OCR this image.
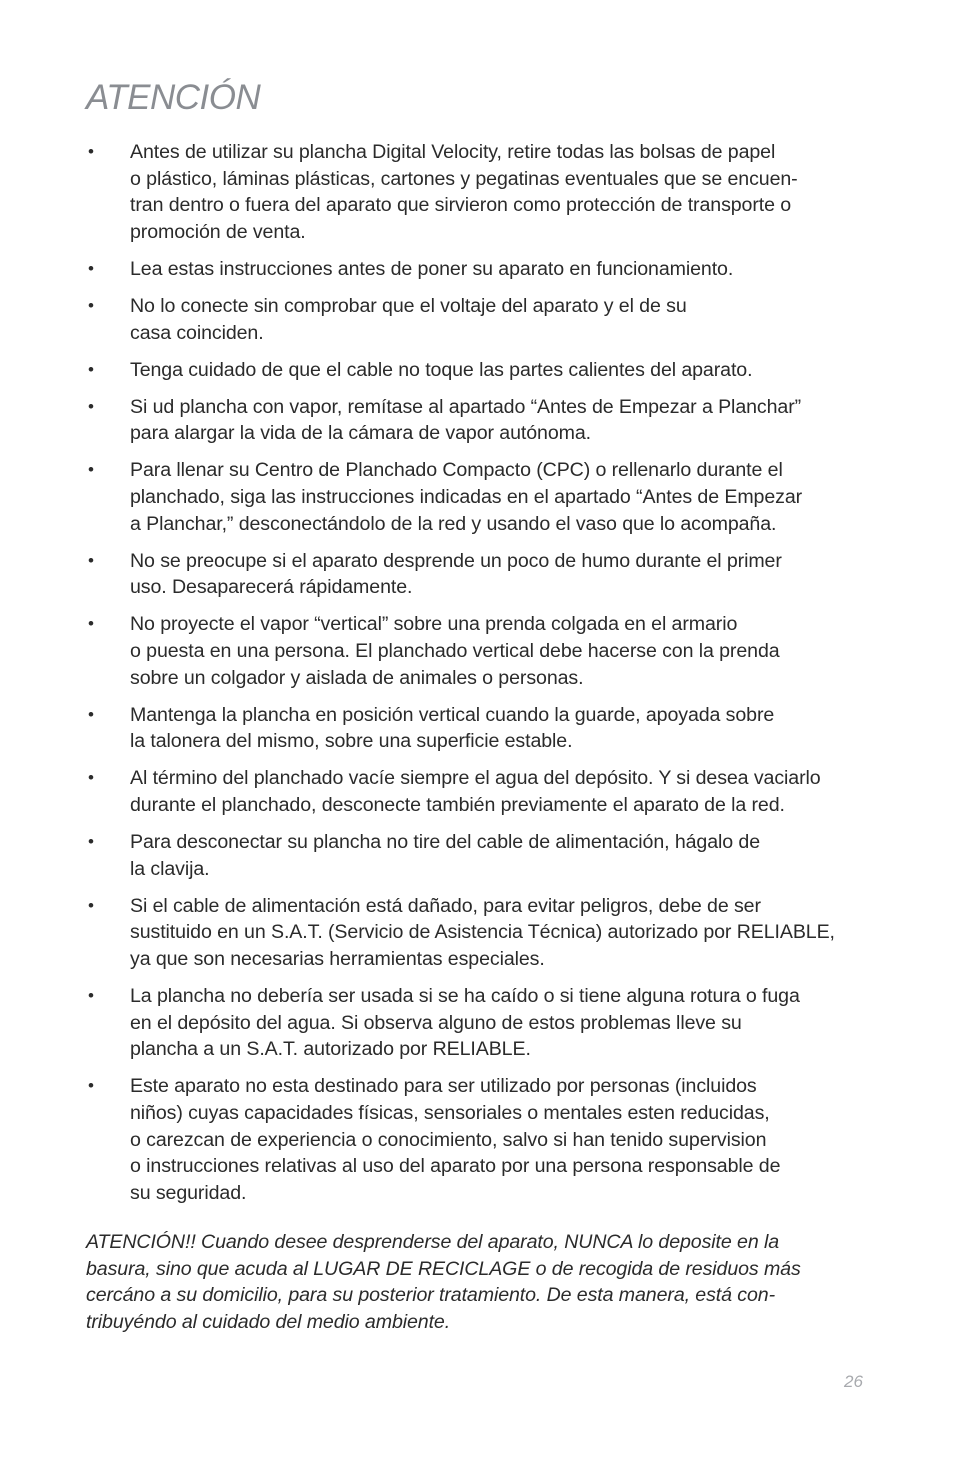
ATENCIÓN
• Antes de utilizar su plancha Digital Velocity, retire todas las bolsas de papel
o plástico, láminas plásticas, cartones y pegatinas eventuales que se encuen-
tran dentro o fuera del aparato que sirvieron como protección de transporte o
promoción de venta.
• Lea estas instrucciones antes de poner su aparato en funcionamiento.
• No lo conecte sin comprobar que el voltaje del aparato y el de su
casa coinciden.
• Tenga cuidado de que el cable no toque las partes calientes del aparato.
• Si ud plancha con vapor, remítase al apartado “Antes de Empezar a Planchar”
para alargar la vida de la cámara de vapor autónoma.
• Para llenar su Centro de Planchado Compacto (CPC) o rellenarlo durante el
planchado, siga las instrucciones indicadas en el apartado “Antes de Empezar
a Planchar,” desconectándolo de la red y usando el vaso que lo acompaña.
• No se preocupe si el aparato desprende un poco de humo durante el primer
uso. Desaparecerá rápidamente.
• No proyecte el vapor “vertical” sobre una prenda colgada en el armario
o puesta en una persona. El planchado vertical debe hacerse con la prenda
sobre un colgador y aislada de animales o personas.
• Mantenga la plancha en posición vertical cuando la guarde, apoyada sobre
la talonera del mismo, sobre una superficie estable.
• Al término del planchado vacíe siempre el agua del depósito. Y si desea vaciarlo
durante el planchado, desconecte también previamente el aparato de la red.
• Para desconectar su plancha no tire del cable de alimentación, hágalo de
la clavija.
• Si el cable de alimentación está dañado, para evitar peligros, debe de ser
sustituido en un S.A.T. (Servicio de Asistencia Técnica) autorizado por RELIABLE,
ya que son necesarias herramientas especiales.
• La plancha no debería ser usada si se ha caído o si tiene alguna rotura o fuga
en el depósito del agua. Si observa alguno de estos problemas lleve su
plancha a un S.A.T. autorizado por RELIABLE.
• Este aparato no esta destinado para ser utilizado por personas (incluidos
niños) cuyas capacidades físicas, sensoriales o mentales esten reducidas,
o carezcan de experiencia o conocimiento, salvo si han tenido supervision
o instrucciones relativas al uso del aparato por una persona responsable de
su seguridad.

ATENCIÓN!! Cuando desee desprenderse del aparato, NUNCA lo deposite en la
basura, sino que acuda al LUGAR DE RECICLAGE o de recogida de residuos más
cercáno a su domicilio, para su posterior tratamiento. De esta manera, está con-
tribuyéndo al cuidado del medio ambiente.

26
